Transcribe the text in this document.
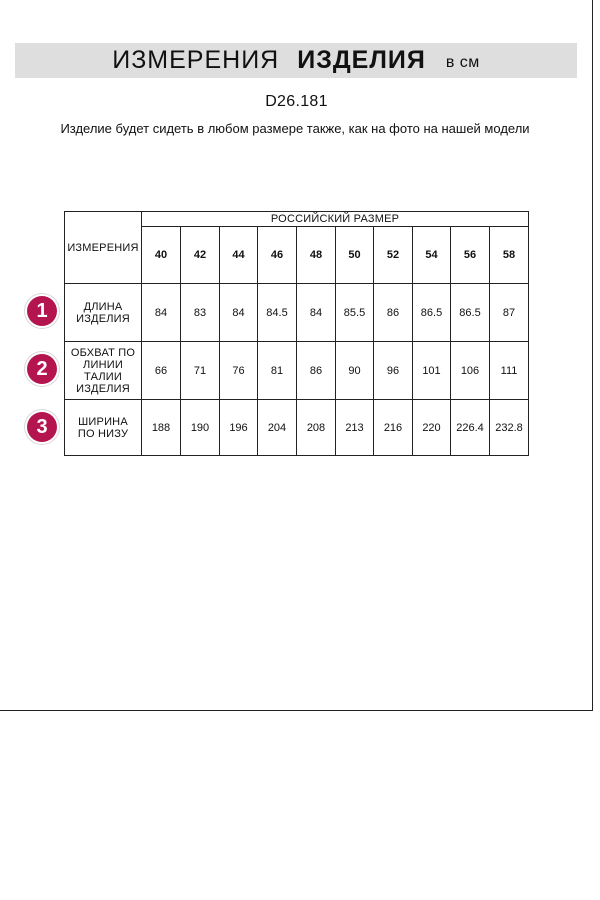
ИЗМЕРЕНИЯ ИЗДЕЛИЯ в см
D26.181
Изделие будет сидеть в любом размере также, как на фото на нашей модели
ИЗМЕРЕНИЯ	РОССИЙСКИЙ РАЗМЕР									
	40	42	44	46	48	50	52	54	56	58
ДЛИНА ИЗДЕЛИЯ	84	83	84	84.5	84	85.5	86	86.5	86.5	87
ОБХВАТ ПО ЛИНИИ ТАЛИИ ИЗДЕЛИЯ	66	71	76	81	86	90	96	101	106	111
ШИРИНА ПО НИЗУ	188	190	196	204	208	213	216	220	226.4	232.8
1
2
3
